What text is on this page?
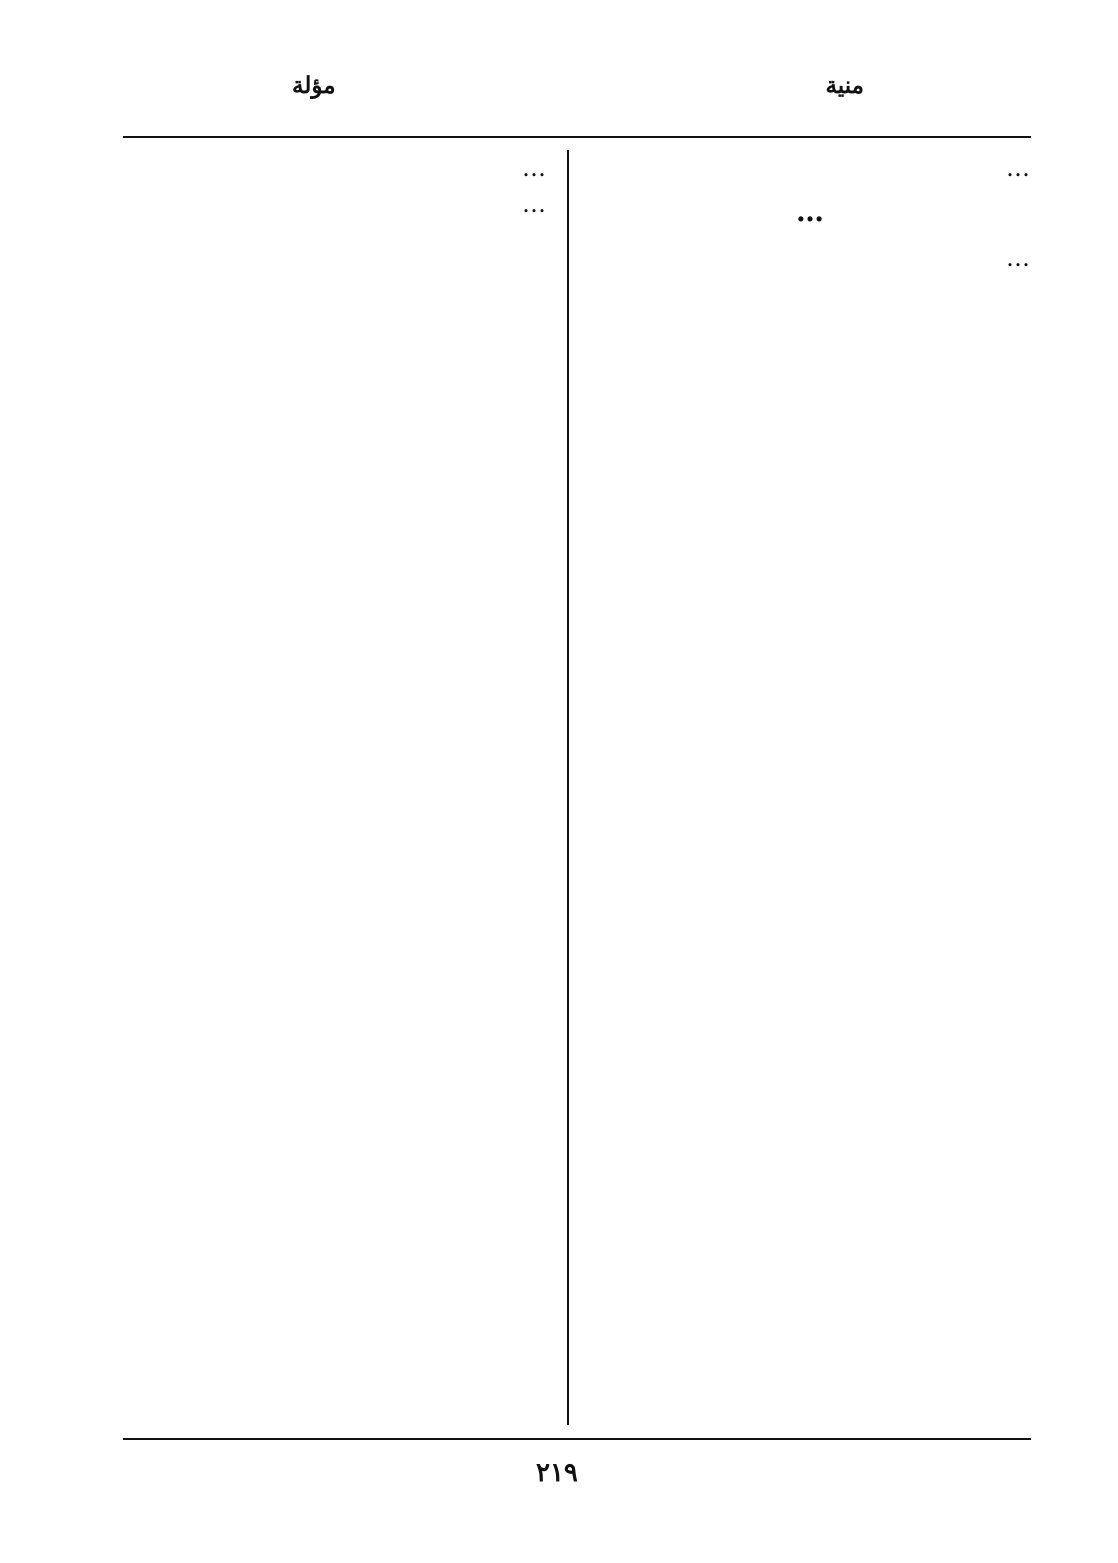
مؤلة	منية
…
…
…
…
…
٢١٩
